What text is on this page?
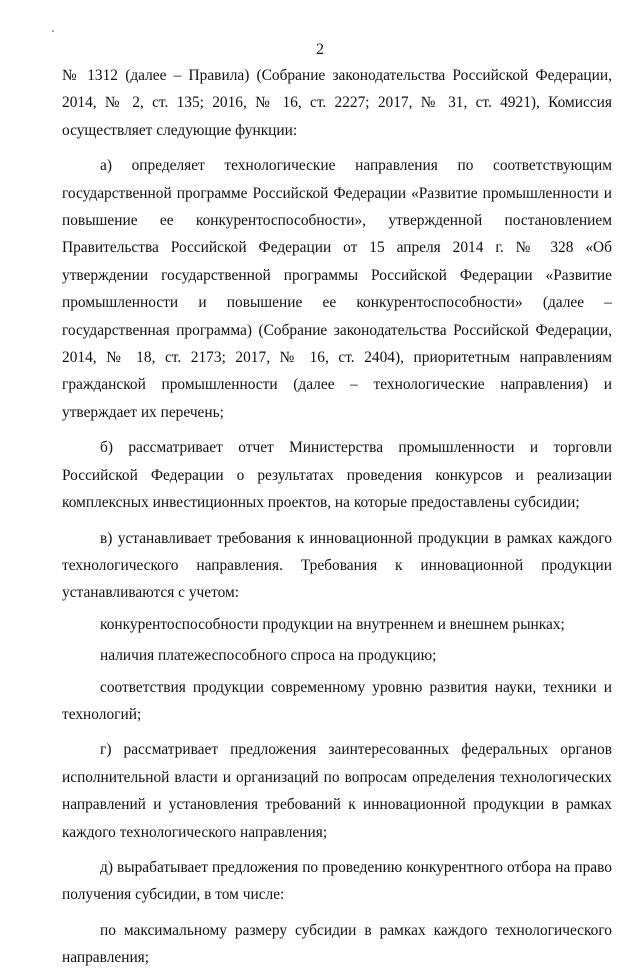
2

№ 1312 (далее – Правила) (Собрание законодательства Российской Федерации, 2014, № 2, ст. 135; 2016, № 16, ст. 2227; 2017, № 31, ст. 4921), Комиссия осуществляет следующие функции:

а) определяет технологические направления по соответствующим государственной программе Российской Федерации «Развитие промышленности и повышение ее конкурентоспособности», утвержденной постановлением Правительства Российской Федерации от 15 апреля 2014 г. № 328 «Об утверждении государственной программы Российской Федерации «Развитие промышленности и повышение ее конкурентоспособности» (далее – государственная программа) (Собрание законодательства Российской Федерации, 2014, № 18, ст. 2173; 2017, № 16, ст. 2404), приоритетным направлениям гражданской промышленности (далее – технологические направления) и утверждает их перечень;

б) рассматривает отчет Министерства промышленности и торговли Российской Федерации о результатах проведения конкурсов и реализации комплексных инвестиционных проектов, на которые предоставлены субсидии;

в) устанавливает требования к инновационной продукции в рамках каждого технологического направления. Требования к инновационной продукции устанавливаются с учетом:

конкурентоспособности продукции на внутреннем и внешнем рынках;

наличия платежеспособного спроса на продукцию;

соответствия продукции современному уровню развития науки, техники и технологий;

г) рассматривает предложения заинтересованных федеральных органов исполнительной власти и организаций по вопросам определения технологических направлений и установления требований к инновационной продукции в рамках каждого технологического направления;

д) вырабатывает предложения по проведению конкурентного отбора на право получения субсидии, в том числе:

по максимальному размеру субсидии в рамках каждого технологического направления;
